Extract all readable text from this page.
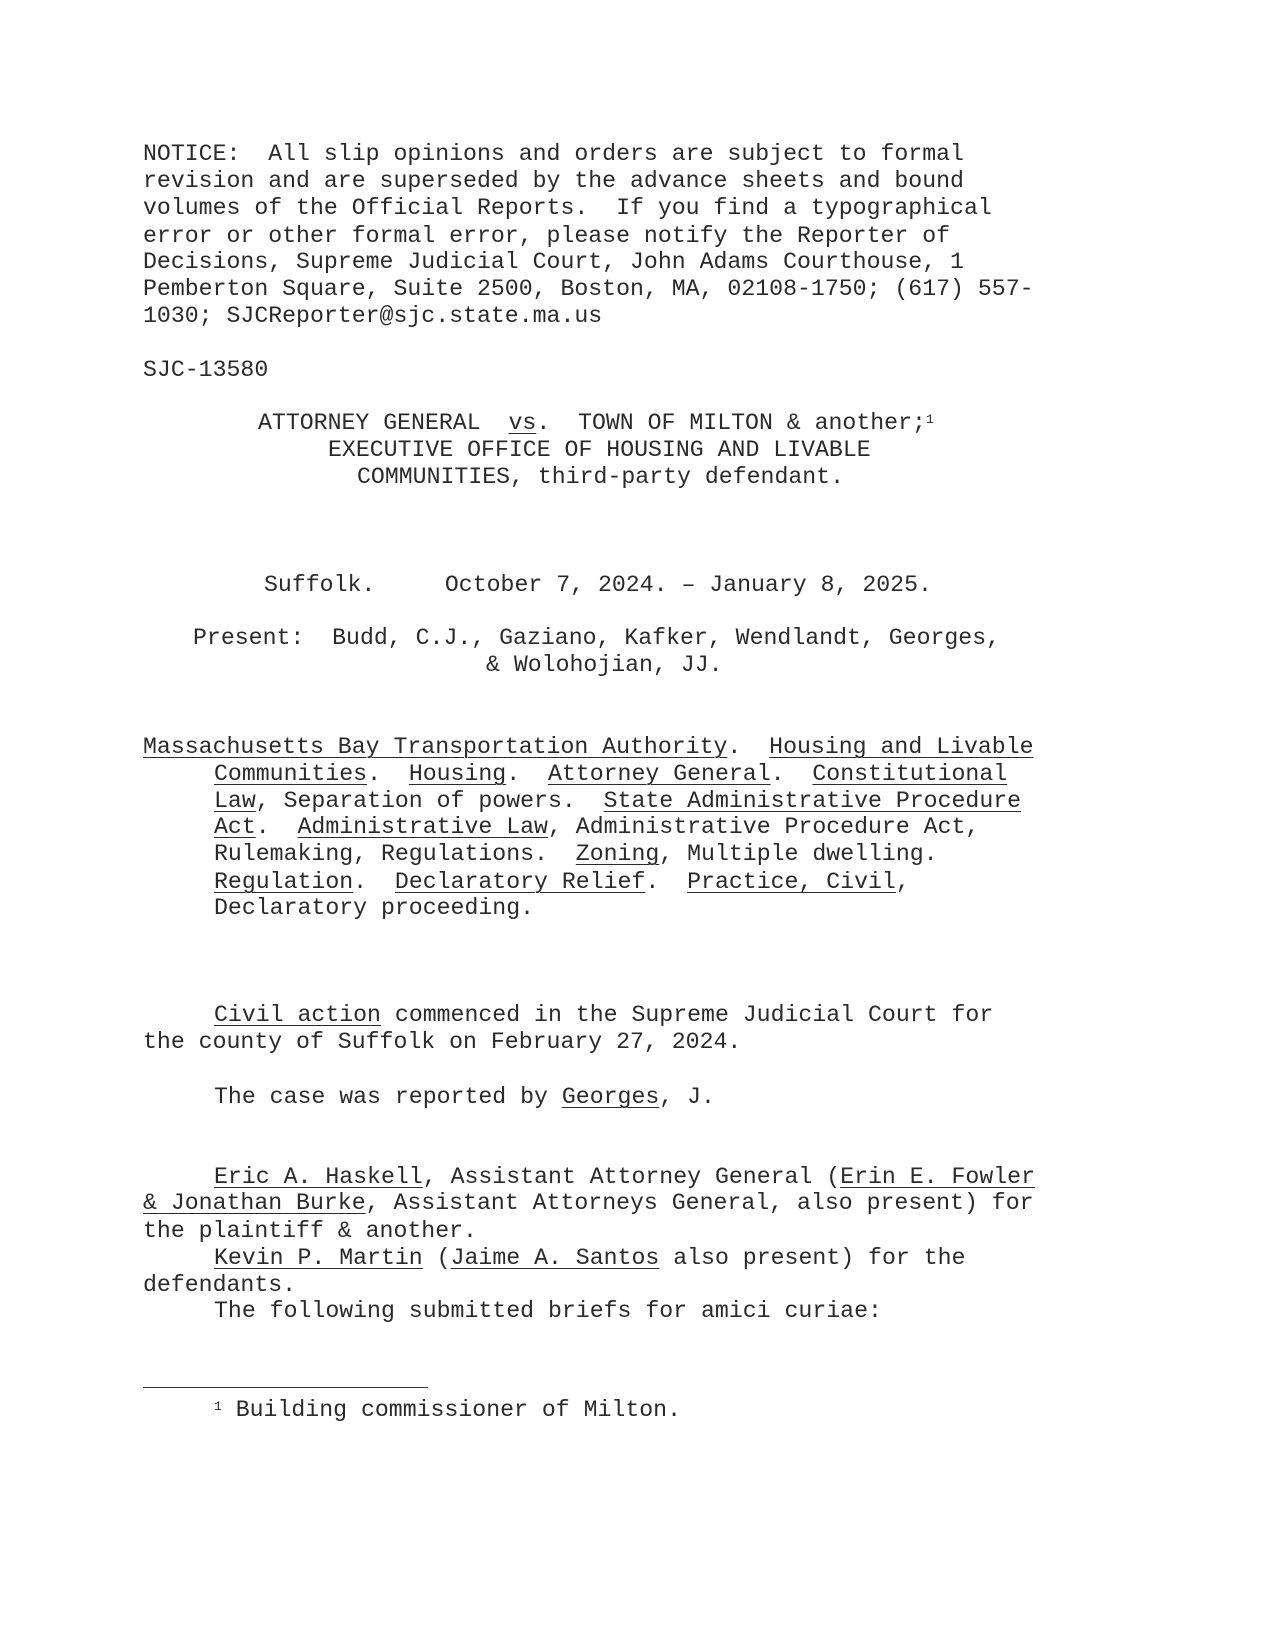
NOTICE:  All slip opinions and orders are subject to formal
revision and are superseded by the advance sheets and bound
volumes of the Official Reports.  If you find a typographical
error or other formal error, please notify the Reporter of
Decisions, Supreme Judicial Court, John Adams Courthouse, 1
Pemberton Square, Suite 2500, Boston, MA, 02108-1750; (617) 557-
1030; SJCReporter@sjc.state.ma.us
SJC-13580
ATTORNEY GENERAL  vs.  TOWN OF MILTON & another;$^1$
EXECUTIVE OFFICE OF HOUSING AND LIVABLE
COMMUNITIES, third-party defendant.
Suffolk.     October 7, 2024. – January 8, 2025.
Present:  Budd, C.J., Gaziano, Kafker, Wendlandt, Georges,
& Wolohojian, JJ.
Massachusetts Bay Transportation Authority.  Housing and Livable
Communities.  Housing.  Attorney General.  Constitutional
Law, Separation of powers.  State Administrative Procedure
Act.  Administrative Law, Administrative Procedure Act,
Rulemaking, Regulations.  Zoning, Multiple dwelling.
Regulation.  Declaratory Relief.  Practice, Civil,
Declaratory proceeding.
Civil action commenced in the Supreme Judicial Court for
the county of Suffolk on February 27, 2024.
The case was reported by Georges, J.
Eric A. Haskell, Assistant Attorney General (Erin E. Fowler
& Jonathan Burke, Assistant Attorneys General, also present) for
the plaintiff & another.
Kevin P. Martin (Jaime A. Santos also present) for the
defendants.
The following submitted briefs for amici curiae:
$^1$ Building commissioner of Milton.
